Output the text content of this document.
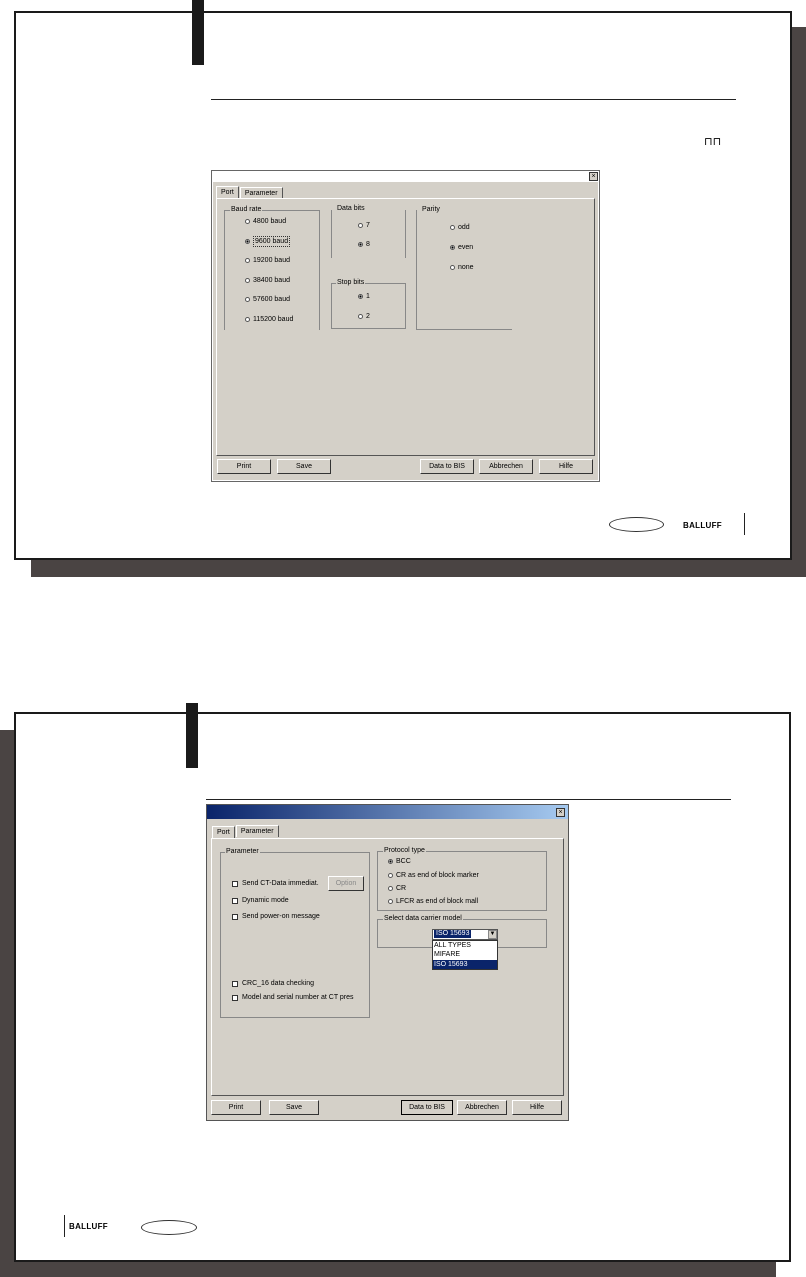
⊓⊓
×
Port	Parameter
Baud rate
4800 baud
9600 baud
19200 baud
38400 baud
57600 baud
115200 baud
Data bits
7
8
Stop bits
1
2
Parity
odd
even
none
Print	Save	Data to BIS	Abbrechen	Hilfe
BALLUFF
×
Port	Parameter
Parameter
Send CT-Data immediat.	Option
Dynamic mode
Send power-on message
CRC_16 data checking
Model and serial number at CT pres
Protocol type
BCC
CR as end of block marker
CR
LFCR as end of block mall
Select data carrier model
ISO 15693	▼
ALL TYPES
MIFARE
ISO 15693
Print	Save	Data to BIS	Abbrechen	Hilfe
BALLUFF
